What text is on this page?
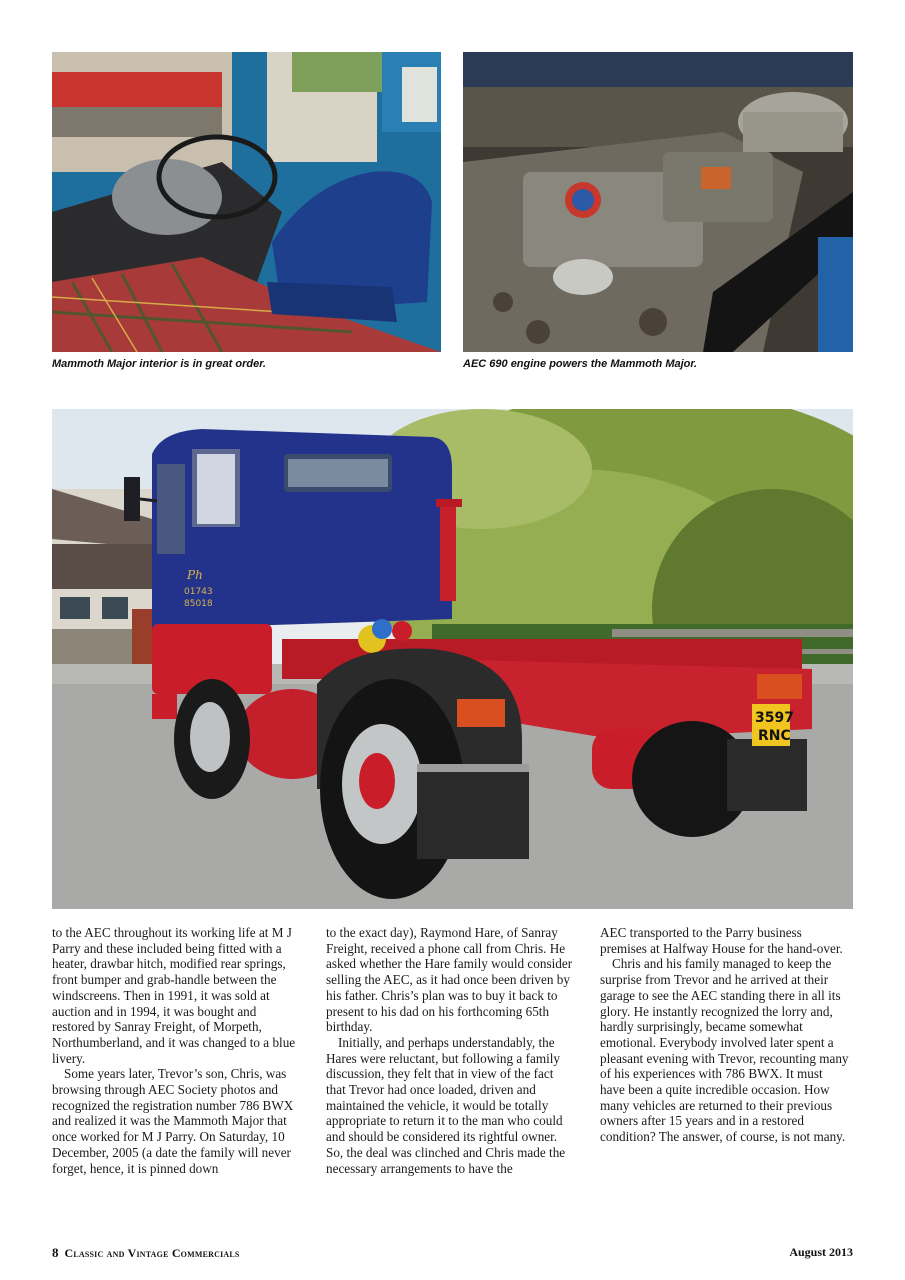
Mammoth Major interior is in great order.	AEC 690 engine powers the Mammoth Major.
Ph
01743
85018
3597
RNC

to the AEC throughout its working life at M J Parry and these included being fitted with a heater, drawbar hitch, modified rear springs, front bumper and grab-handle between the windscreens. Then in 1991, it was sold at auction and in 1994, it was bought and restored by Sanray Freight, of Morpeth, Northumberland, and it was changed to a blue livery.

Some years later, Trevor’s son, Chris, was browsing through AEC Society photos and recognized the registration number 786 BWX and realized it was the Mammoth Major that once worked for M J Parry. On Saturday, 10 December, 2005 (a date the family will never forget, hence, it is pinned down

to the exact day), Raymond Hare, of Sanray Freight, received a phone call from Chris. He asked whether the Hare family would consider selling the AEC, as it had once been driven by his father. Chris’s plan was to buy it back to present to his dad on his forthcoming 65th birthday.

Initially, and perhaps understandably, the Hares were reluctant, but following a family discussion, they felt that in view of the fact that Trevor had once loaded, driven and maintained the vehicle, it would be totally appropriate to return it to the man who could and should be considered its rightful owner. So, the deal was clinched and Chris made the necessary arrangements to have the

AEC transported to the Parry business premises at Halfway House for the hand-over.

Chris and his family managed to keep the surprise from Trevor and he arrived at their garage to see the AEC standing there in all its glory. He instantly recognized the lorry and, hardly surprisingly, became somewhat emotional. Everybody involved later spent a pleasant evening with Trevor, recounting many of his experiences with 786 BWX. It must have been a quite incredible occasion. How many vehicles are returned to their previous owners after 15 years and in a restored condition? The answer, of course, is not many.

8 Classic and Vintage Commercials	August 2013
